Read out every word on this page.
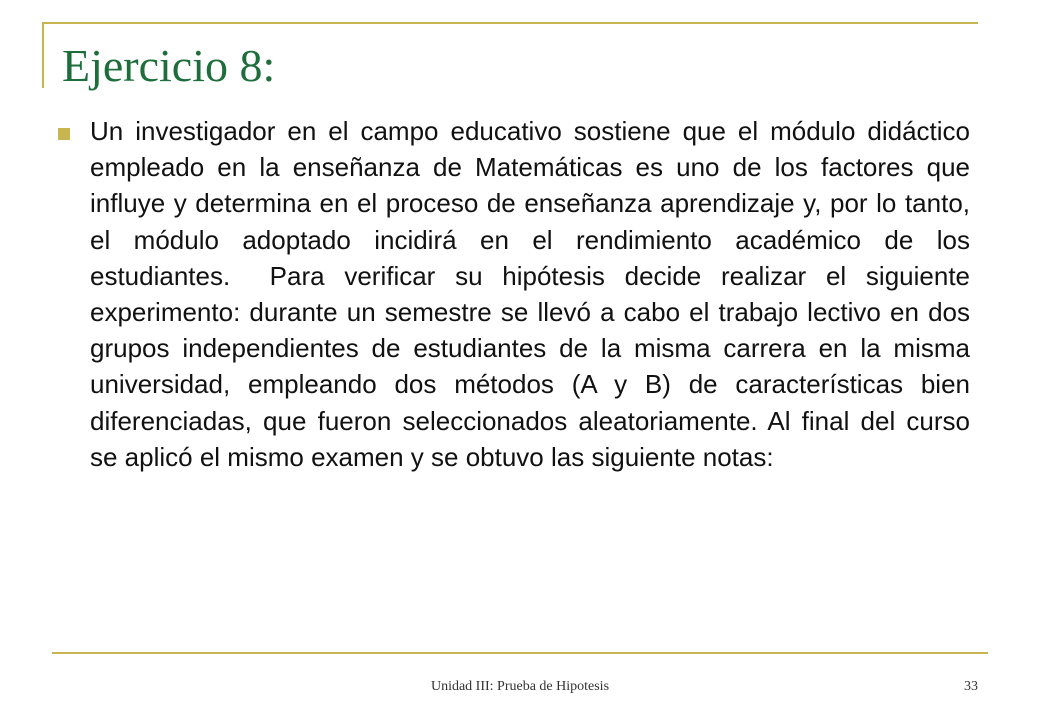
Ejercicio 8:

Un investigador en el campo educativo sostiene que el módulo didáctico empleado en la enseñanza de Matemáticas es uno de los factores que influye y determina en el proceso de enseñanza aprendizaje y, por lo tanto, el módulo adoptado incidirá en el rendimiento académico de los estudiantes.  Para verificar su hipótesis decide realizar el siguiente experimento: durante un semestre se llevó a cabo el trabajo lectivo en dos grupos independientes de estudiantes de la misma carrera en la misma universidad, empleando dos métodos (A y B) de características bien diferenciadas, que fueron seleccionados aleatoriamente. Al final del curso se aplicó el mismo examen y se obtuvo las siguiente notas:

Unidad III: Prueba de Hipotesis	33
